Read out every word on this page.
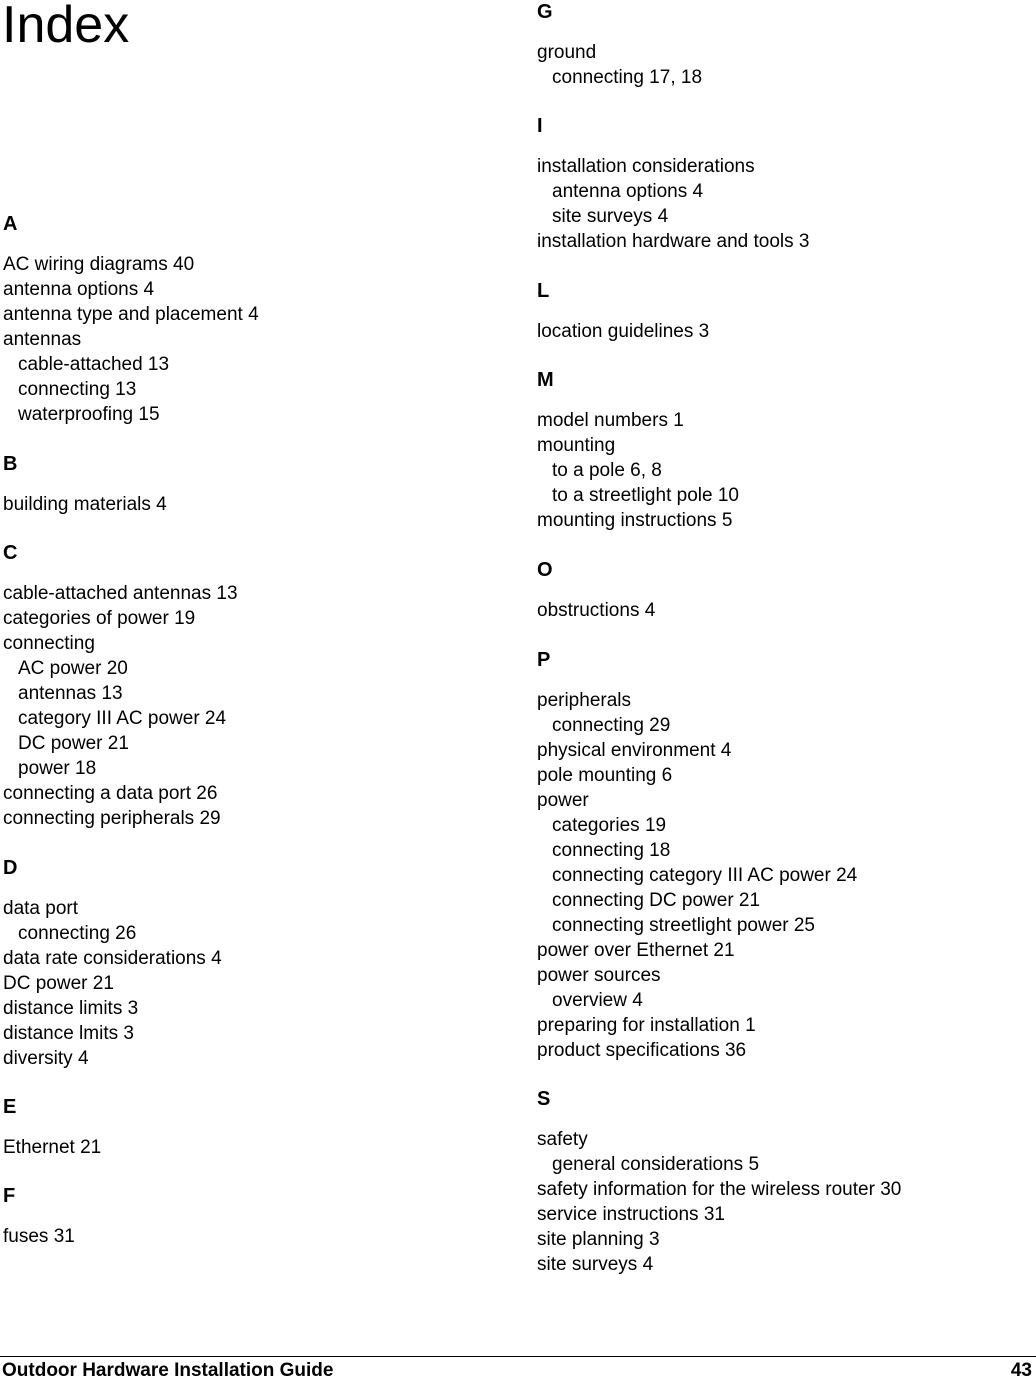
Index
A
AC wiring diagrams 40
antenna options 4
antenna type and placement 4
antennas
cable-attached 13
connecting 13
waterproofing 15
B
building materials 4
C
cable-attached antennas 13
categories of power 19
connecting
AC power 20
antennas 13
category III AC power 24
DC power 21
power 18
connecting a data port 26
connecting peripherals 29
D
data port
connecting 26
data rate considerations 4
DC power 21
distance limits 3
distance lmits 3
diversity 4
E
Ethernet 21
F
fuses 31
G
ground
connecting 17, 18
I
installation considerations
antenna options 4
site surveys 4
installation hardware and tools 3
L
location guidelines 3
M
model numbers 1
mounting
to a pole 6, 8
to a streetlight pole 10
mounting instructions 5
O
obstructions 4
P
peripherals
connecting 29
physical environment 4
pole mounting 6
power
categories 19
connecting 18
connecting category III AC power 24
connecting DC power 21
connecting streetlight power 25
power over Ethernet 21
power sources
overview 4
preparing for installation 1
product specifications 36
S
safety
general considerations 5
safety information for the wireless router 30
service instructions 31
site planning 3
site surveys 4
Outdoor Hardware Installation Guide	43
